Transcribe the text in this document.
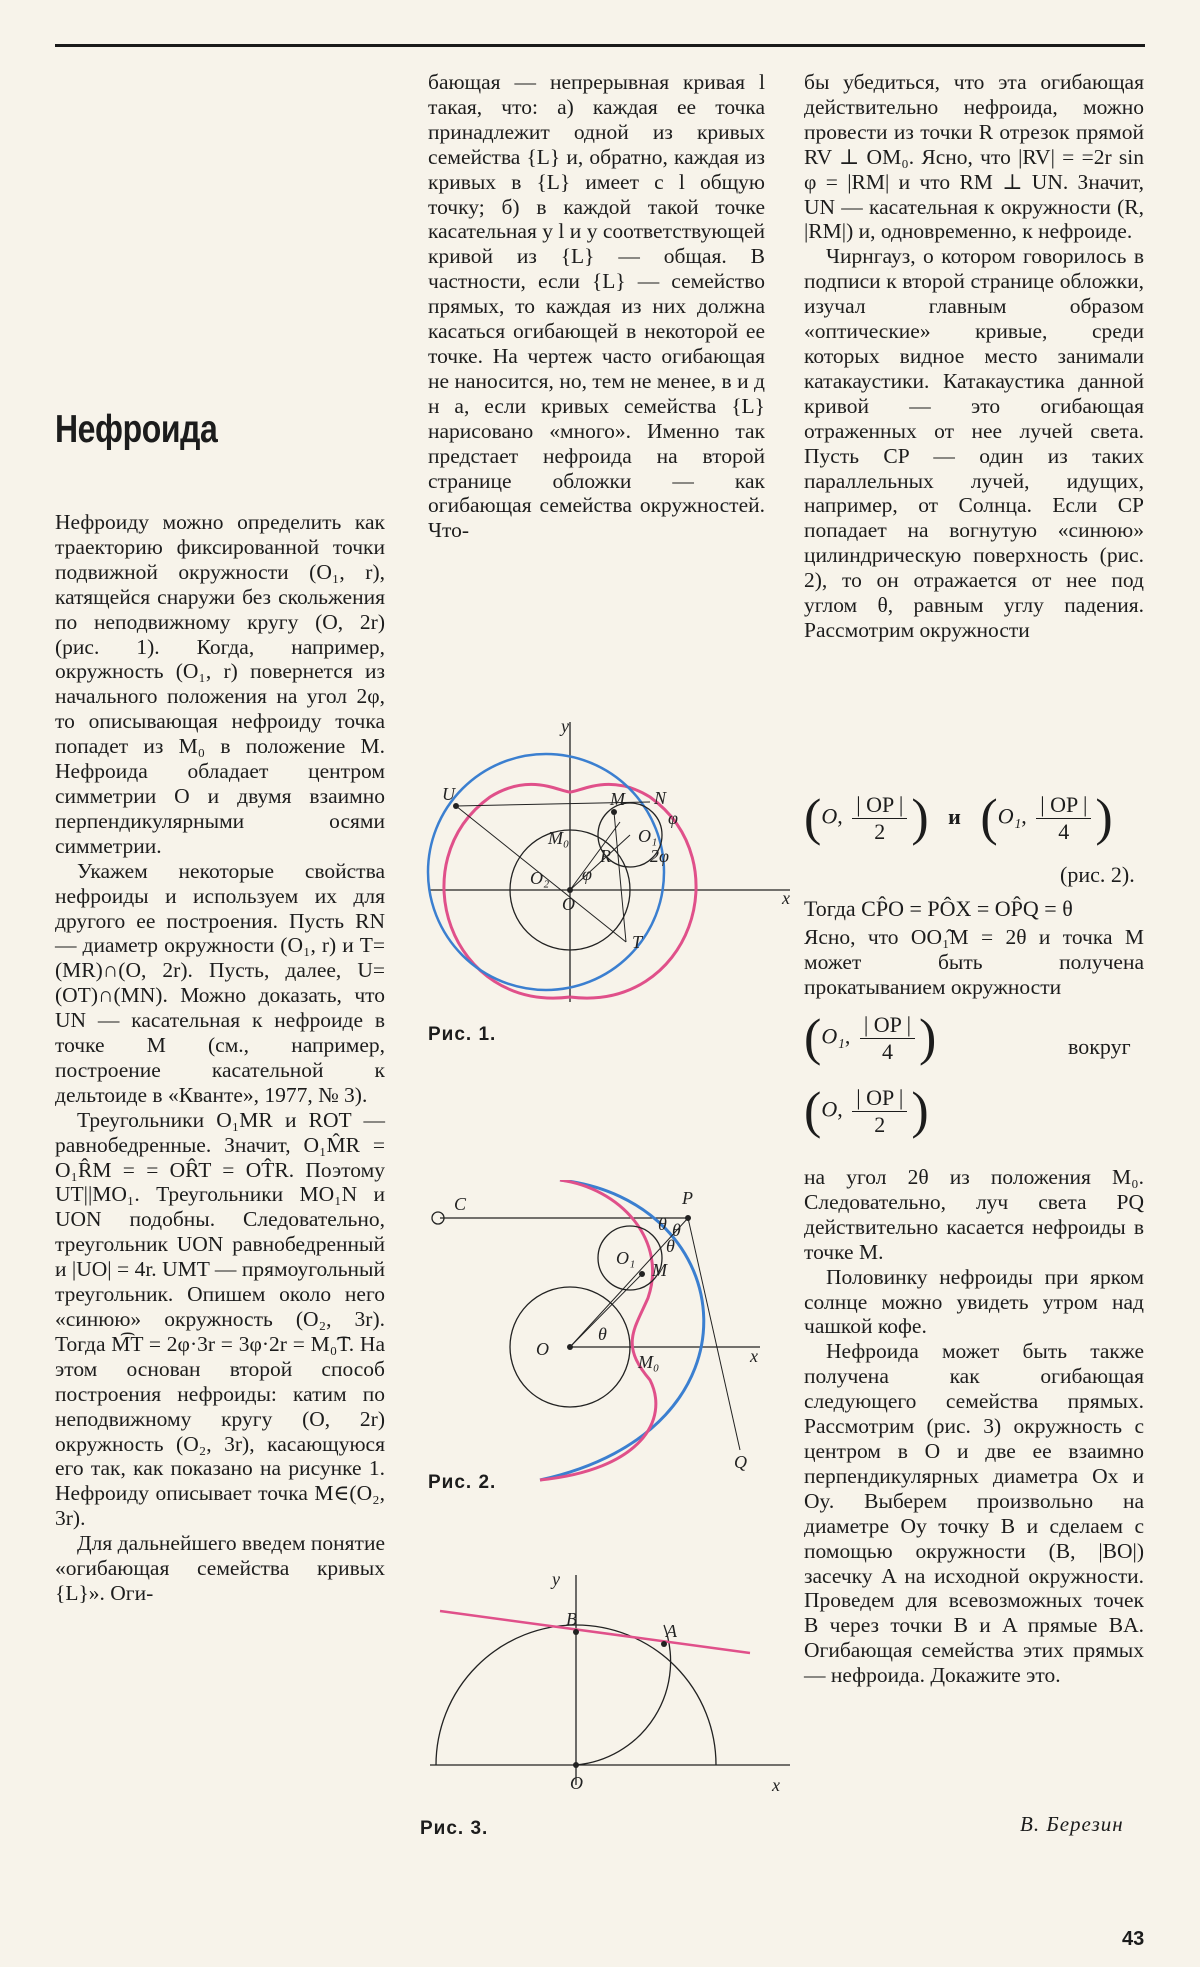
Нефроида

Нефроиду можно определить как траекторию фиксированной точки подвижной окружности (O₁, r), катящейся снаружи без скольжения по неподвижному кругу (O, 2r) (рис. 1). Когда, например, окружность (O₁, r) повернется из начального положения на угол 2φ, то описывающая нефроиду точка попадет из M₀ в положение M. Нефроида обладает центром симметрии O и двумя взаимно перпендикулярными осями симметрии.

Укажем некоторые свойства нефроиды и используем их для другого ее построения. Пусть RN — диаметр окружности (O₁, r) и T=(MR)∩(O, 2r). Пусть, далее, U=(OT)∩(MN). Можно доказать, что UN — касательная к нефроиде в точке M (см., например, построение касательной к дельтоиде в «Кванте», 1977, № 3).

Треугольники O₁MR и ROT — равнобедренные. Значит, O₁M̂R = O₁R̂M = = OR̂T = OT̂R. Поэтому UT||MO₁. Треугольники MO₁N и UON подобны. Следовательно, треугольник UON равнобедренный и |UO| = 4r. UMT — прямоугольный треугольник. Опишем около него «синюю» окружность (O₂, 3r). Тогда M͡T = 2φ·3r = 3φ·2r = M₀͡T. На этом основан второй способ построения нефроиды: катим по неподвижному кругу (O, 2r) окружность (O₂, 3r), касающуюся его так, как показано на рисунке 1. Нефроиду описывает точка M∈(O₂, 3r).

Для дальнейшего введем понятие «огибающая семейства кривых {L}». Оги-

бающая — непрерывная кривая l такая, что: а) каждая ее точка принадлежит одной из кривых семейства {L} и, обратно, каждая из кривых в {L} имеет с l общую точку; б) в каждой такой точке касательная у l и у соответствующей кривой из {L} — общая. В частности, если {L} — семейство прямых, то каждая из них должна касаться огибающей в некоторой ее точке. На чертеж часто огибающая не наносится, но, тем не менее, в и д н а, если кривых семейства {L} нарисовано «много». Именно так предстает нефроида на второй странице обложки — как огибающая семейства окружностей. Что-

бы убедиться, что эта огибающая действительно нефроида, можно провести из точки R отрезок прямой RV ⊥ OM₀. Ясно, что |RV| = =2r sin φ = |RM| и что RM ⊥ UN. Значит, UN — касательная к окружности (R, |RM|) и, одновременно, к нефроиде.

Чирнгауз, о котором говорилось в подписи к второй странице обложки, изучал главным образом «оптические» кривые, среди которых видное место занимали катакаустики. Катакаустика данной кривой — это огибающая отраженных от нее лучей света. Пусть CP — один из таких параллельных лучей, идущих, например, от Солнца. Если CP попадает на вогнутую «синюю» цилиндрическую поверхность (рис. 2), то он отражается от нее под углом θ, равным углу падения. Рассмотрим окружности

(O, $\frac{| OP |}{2}$ ) и (O₁, $\frac{| OP |}{4}$ )
(рис. 2).
Тогда CP̂O = PÔX = OP̂Q = θ
Ясно, что OO₁̂M = 2θ и точка M может быть получена прокатыванием окружности
(O₁, $\frac{| OP |}{4}$ )	вокруг
(O, $\frac{| OP |}{2}$ )

на угол 2θ из положения M₀. Следовательно, луч света PQ действительно касается нефроиды в точке M.

Половинку нефроиды при ярком солнце можно увидеть утром над чашкой кофе.

Нефроида может быть также получена как огибающая следующего семейства прямых. Рассмотрим (рис. 3) окружность с центром в O и две ее взаимно перпендикулярных диаметра Ox и Oy. Выберем произвольно на диаметре Oy точку B и сделаем с помощью окружности (B, |BO|) засечку A на исходной окружности. Проведем для всевозможных точек B через точки B и A прямые BA. Огибающая семейства этих прямых — нефроида. Докажите это.

y
x
U	M N
φ
M₀	O₁
R
φ
2φ
O₂
O
T
Рис. 1.
C	P
θ θ
O₁
θ
M
O
θ
M₀	x
Q
Рис. 2.
y
B
A
O	x
Рис. 3.	В. Березин
43
